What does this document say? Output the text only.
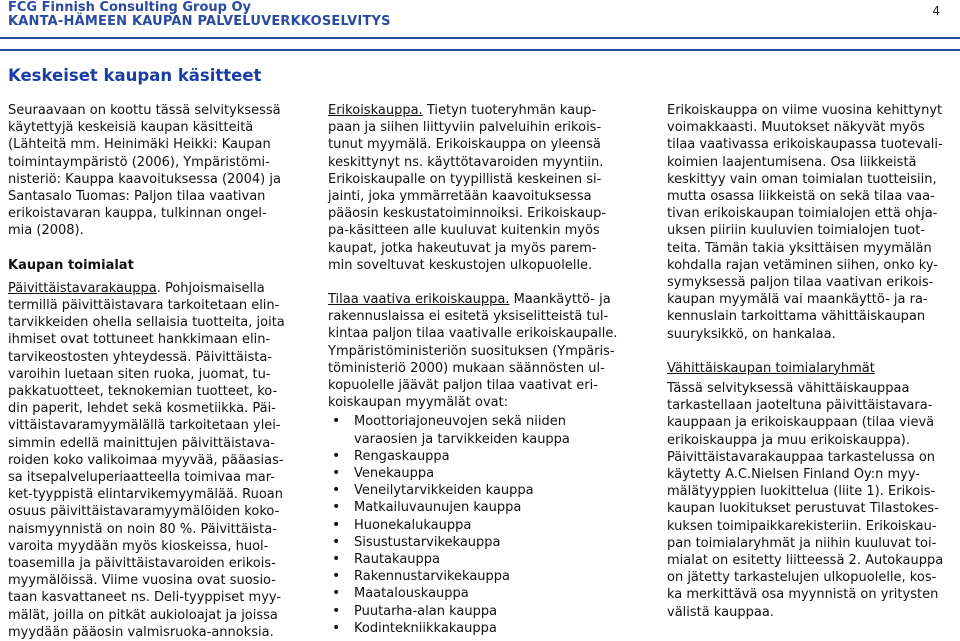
FCG Finnish Consulting Group Oy
KANTA-HÄMEEN KAUPAN PALVELUVERKKOSELVITYS
4
Keskeiset kaupan käsitteet
Seuraavaan on koottu tässä selvityksessä
käytettyjä keskeisiä kaupan käsitteitä
(Lähteitä mm. Heinimäki Heikki: Kaupan
toimintaympäristö (2006), Ympäristömi-
nisteriö: Kauppa kaavoituksessa (2004) ja
Santasalo Tuomas: Paljon tilaa vaativan
erikoistavaran kauppa, tulkinnan ongel-
mia (2008).

Kaupan toimialat

Päivittäistavarakauppa. Pohjoismaisella

termillä päivittäistavara tarkoitetaan elin-
tarvikkeiden ohella sellaisia tuotteita, joita
ihmiset ovat tottuneet hankkimaan elin-
tarvikeostosten yhteydessä. Päivittäista-
varoihin luetaan siten ruoka, juomat, tu-
pakkatuotteet, teknokemian tuotteet, ko-
din paperit, lehdet sekä kosmetiikka. Päi-
vittäistavaramyymälällä tarkoitetaan ylei-
simmin edellä mainittujen päivittäistava-
roiden koko valikoimaa myyvää, pääasias-
sa itsepalveluperiaatteella toimivaa mar-
ket-tyyppistä elintarvikemyymälää. Ruoan
osuus päivittäistavaramyymälöiden koko-
naismyynnistä on noin 80 %. Päivittäista-
varoita myydään myös kioskeissa, huol-
toasemilla ja päivittäistavaroiden erikois-
myymälöissä. Viime vuosina ovat suosio-
taan kasvattaneet ns. Deli-tyyppiset myy-
mälät, joilla on pitkät aukioloajat ja joissa
myydään pääosin valmisruoka-annoksia.

Erikoiskauppa. Tietyn tuoteryhmän kaup-

paan ja siihen liittyviin palveluihin erikois-
tunut myymälä. Erikoiskauppa on yleensä
keskittynyt ns. käyttötavaroiden myyntiin.
Erikoiskaupalle on tyypillistä keskeinen si-
jainti, joka ymmärretään kaavoituksessa
pääosin keskustatoiminnoiksi. Erikoiskaup-
pa-käsitteen alle kuuluvat kuitenkin myös
kaupat, jotka hakeutuvat ja myös parem-
min soveltuvat keskustojen ulkopuolelle.

Tilaa vaativa erikoiskauppa. Maankäyttö- ja

rakennuslaissa ei esitetä yksiselitteistä tul-
kintaa paljon tilaa vaativalle erikoiskaupalle.
Ympäristöministeriön suosituksen (Ympäris-
töministeriö 2000) mukaan säännösten ul-
kopuolelle jäävät paljon tilaa vaativat eri-
koiskaupan myymälät ovat:
• Moottoriajoneuvojen sekä niiden
varaosien ja tarvikkeiden kauppa
• Rengaskauppa
• Venekauppa
• Veneilytarvikkeiden kauppa
• Matkailuvaunujen kauppa
• Huonekalukauppa
• Sisustustarvikekauppa
• Rautakauppa
• Rakennustarvikekauppa
• Maatalouskauppa
• Puutarha-alan kauppa
• Kodintekniikkakauppa
Erikoiskauppa on viime vuosina kehittynyt
voimakkaasti. Muutokset näkyvät myös
tilaa vaativassa erikoiskaupassa tuotevali-
koimien laajentumisena. Osa liikkeistä
keskittyy vain oman toimialan tuotteisiin,
mutta osassa liikkeistä on sekä tilaa vaa-
tivan erikoiskaupan toimialojen että ohja-
uksen piiriin kuuluvien toimialojen tuot-
teita. Tämän takia yksittäisen myymälän
kohdalla rajan vetäminen siihen, onko ky-
symyksessä paljon tilaa vaativan erikois-
kaupan myymälä vai maankäyttö- ja ra-
kennuslain tarkoittama vähittäiskaupan
suuryksikkö, on hankalaa.

Vähittäiskaupan toimialaryhmät

Tässä selvityksessä vähittäiskauppaa
tarkastellaan jaoteltuna päivittäistavara-
kauppaan ja erikoiskauppaan (tilaa vievä
erikoiskauppa ja muu erikoiskauppa).
Päivittäistavarakauppaa tarkastelussa on
käytetty A.C.Nielsen Finland Oy:n myy-
mälätyyppien luokittelua (liite 1). Erikois-
kaupan luokitukset perustuvat Tilastokes-
kuksen toimipaikkarekisteriin. Erikoiskau-
pan toimialaryhmät ja niihin kuuluvat toi-
mialat on esitetty liitteessä 2. Autokauppa
on jätetty tarkastelujen ulkopuolelle, kos-
ka merkittävä osa myynnistä on yritysten
välistä kauppaa.
